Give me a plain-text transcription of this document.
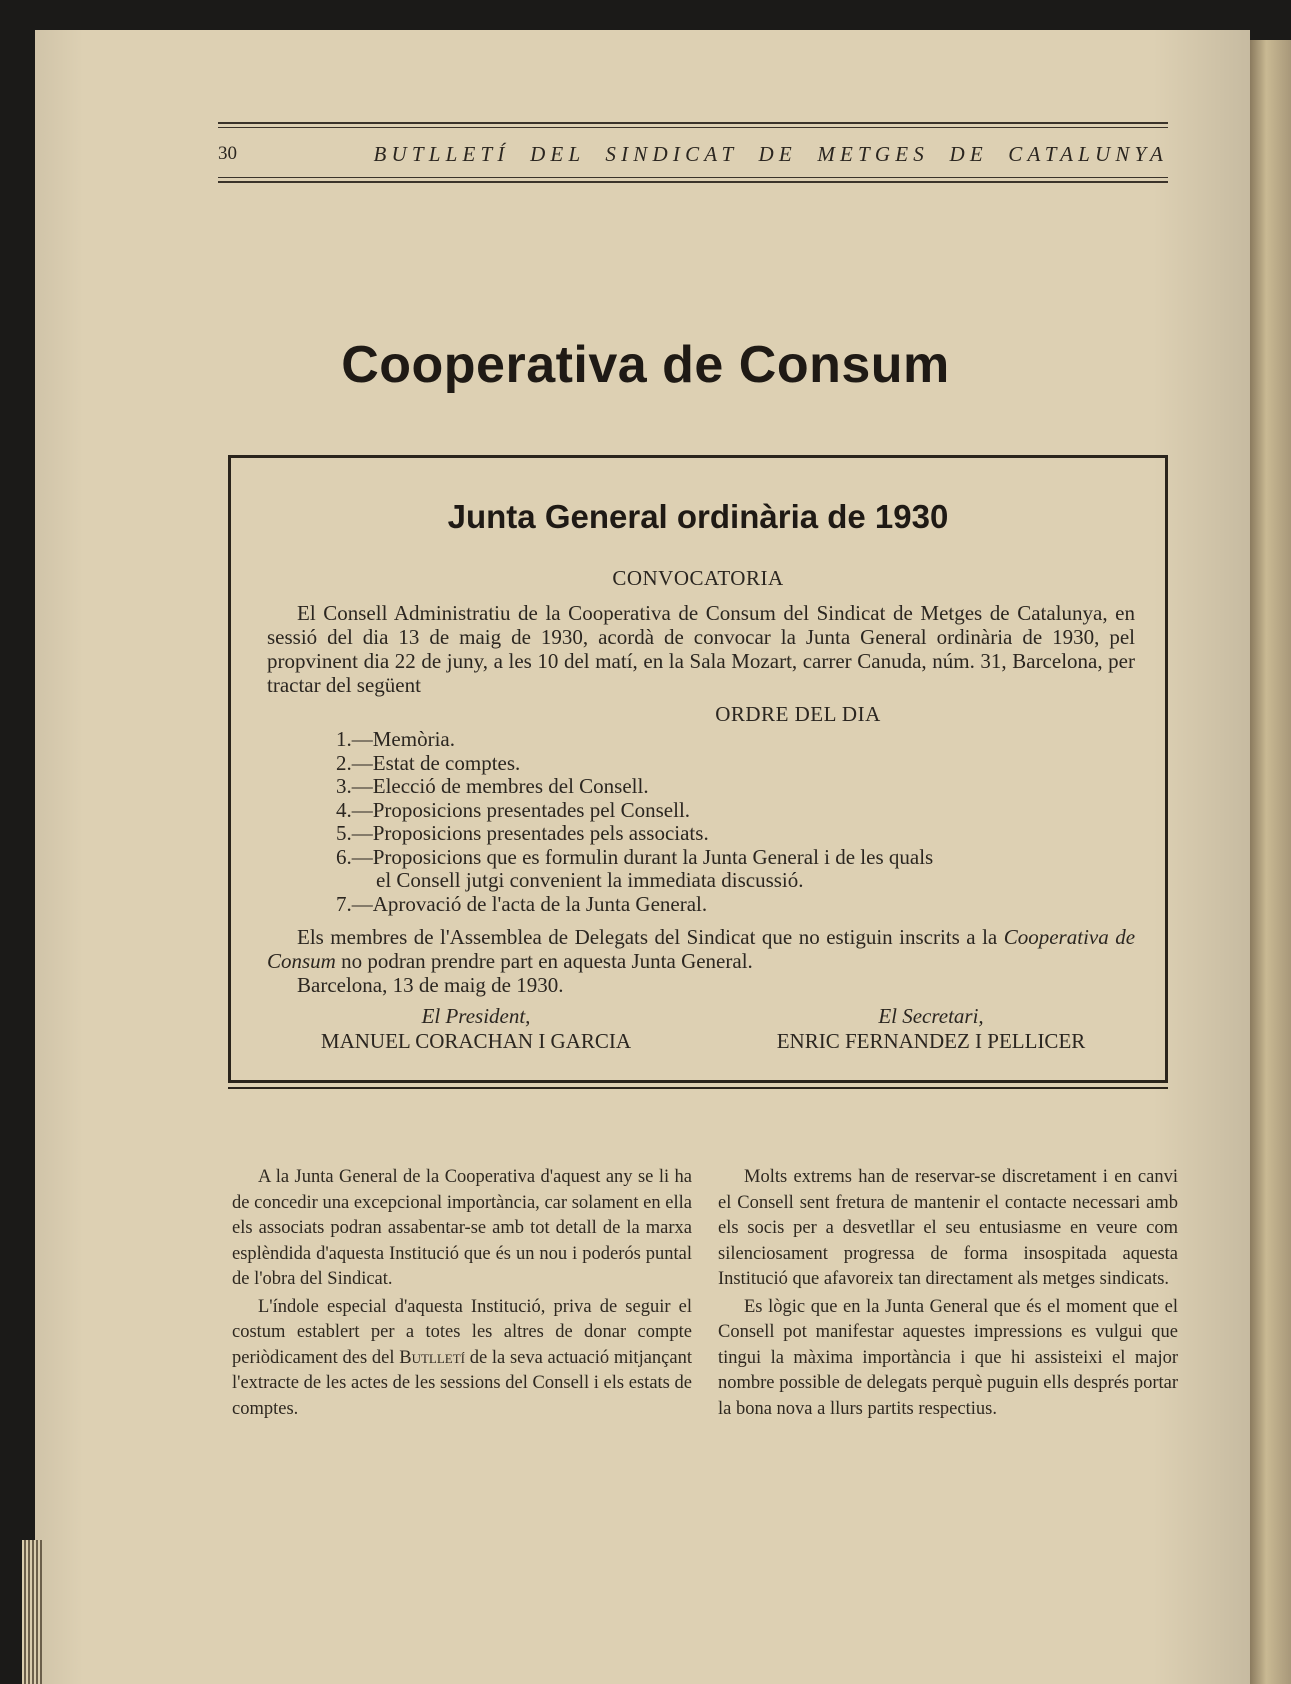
30	BUTLLETÍ DEL SINDICAT DE METGES DE CATALUNYA
Cooperativa de Consum
Junta General ordinària de 1930
CONVOCATORIA
El Consell Administratiu de la Cooperativa de Consum del Sindicat de Metges de Catalunya, en sessió del dia 13 de maig de 1930, acordà de convocar la Junta General ordinària de 1930, pel propvinent dia 22 de juny, a les 10 del matí, en la Sala Mozart, carrer Canuda, núm. 31, Barcelona, per tractar del següent
ORDRE DEL DIA
1.—Memòria.
2.—Estat de comptes.
3.—Elecció de membres del Consell.
4.—Proposicions presentades pel Consell.
5.—Proposicions presentades pels associats.
6.—Proposicions que es formulin durant la Junta General i de les quals
el Consell jutgi convenient la immediata discussió.
7.—Aprovació de l'acta de la Junta General.
Els membres de l'Assemblea de Delegats del Sindicat que no estiguin inscrits a la Cooperativa de Consum no podran prendre part en aquesta Junta General.
Barcelona, 13 de maig de 1930.
El President,
MANUEL CORACHAN I GARCIA
El Secretari,
ENRIC FERNANDEZ I PELLICER

A la Junta General de la Cooperativa d'aquest any se li ha de concedir una excepcional importància, car solament en ella els associats podran assabentar-se amb tot detall de la marxa esplèndida d'aquesta Institució que és un nou i poderós puntal de l'obra del Sindicat.

L'índole especial d'aquesta Institució, priva de seguir el costum establert per a totes les altres de donar compte periòdicament des del Butlletí de la seva actuació mitjançant l'extracte de les actes de les sessions del Consell i els estats de comptes.

Molts extrems han de reservar-se discretament i en canvi el Consell sent fretura de mantenir el contacte necessari amb els socis per a desvetllar el seu entusiasme en veure com silenciosament progressa de forma insospitada aquesta Institució que afavoreix tan directament als metges sindicats.

Es lògic que en la Junta General que és el moment que el Consell pot manifestar aquestes impressions es vulgui que tingui la màxima importància i que hi assisteixi el major nombre possible de delegats perquè puguin ells després portar la bona nova a llurs partits respectius.
